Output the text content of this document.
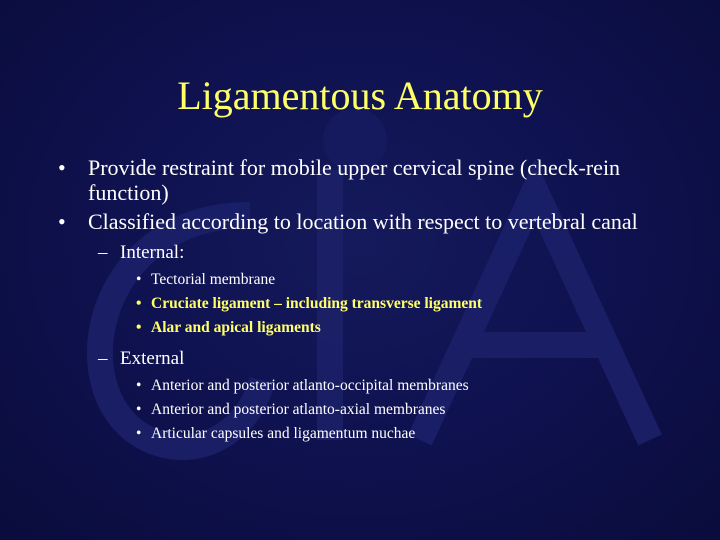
Ligamentous Anatomy
• Provide restraint for mobile upper cervical spine (check-rein function)
• Classified according to location with respect to vertebral canal
– Internal:
• Tectorial membrane
• Cruciate ligament – including transverse ligament
• Alar and apical ligaments
– External
• Anterior and posterior atlanto-occipital membranes
• Anterior and posterior atlanto-axial membranes
• Articular capsules and ligamentum nuchae
